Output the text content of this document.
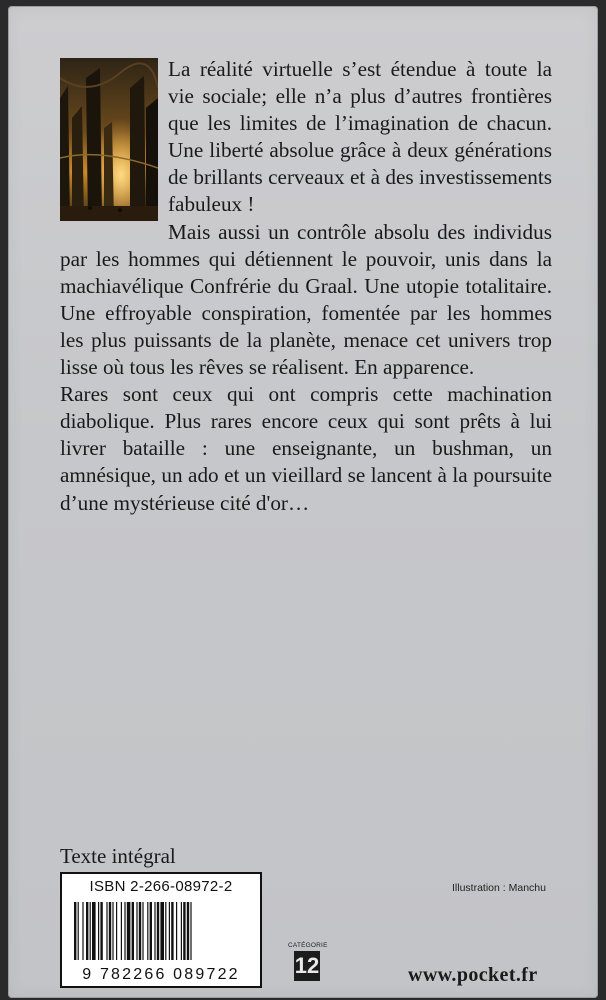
La réalité virtuelle s’est étendue à toute la vie sociale; elle n’a plus d’autres frontières que les limites de l’imagination de chacun. Une liberté absolue grâce à deux générations de brillants cerveaux et à des investissements fabuleux !

Mais aussi un contrôle absolu des individus par les hommes qui détiennent le pouvoir, unis dans la machiavélique Confrérie du Graal. Une utopie totalitaire. Une effroyable conspiration, fomentée par les hommes les plus puissants de la planète, menace cet univers trop lisse où tous les rêves se réalisent. En apparence.

Rares sont ceux qui ont compris cette machination diabolique. Plus rares encore ceux qui sont prêts à lui livrer bataille : une enseignante, un bushman, un amnésique, un ado et un vieillard se lancent à la poursuite d’une mystérieuse cité d'or…

Texte intégral
ISBN 2-266-08972-2
9 782266 089722
Illustration : Manchu
CATÉGORIE
12	www.pocket.fr
